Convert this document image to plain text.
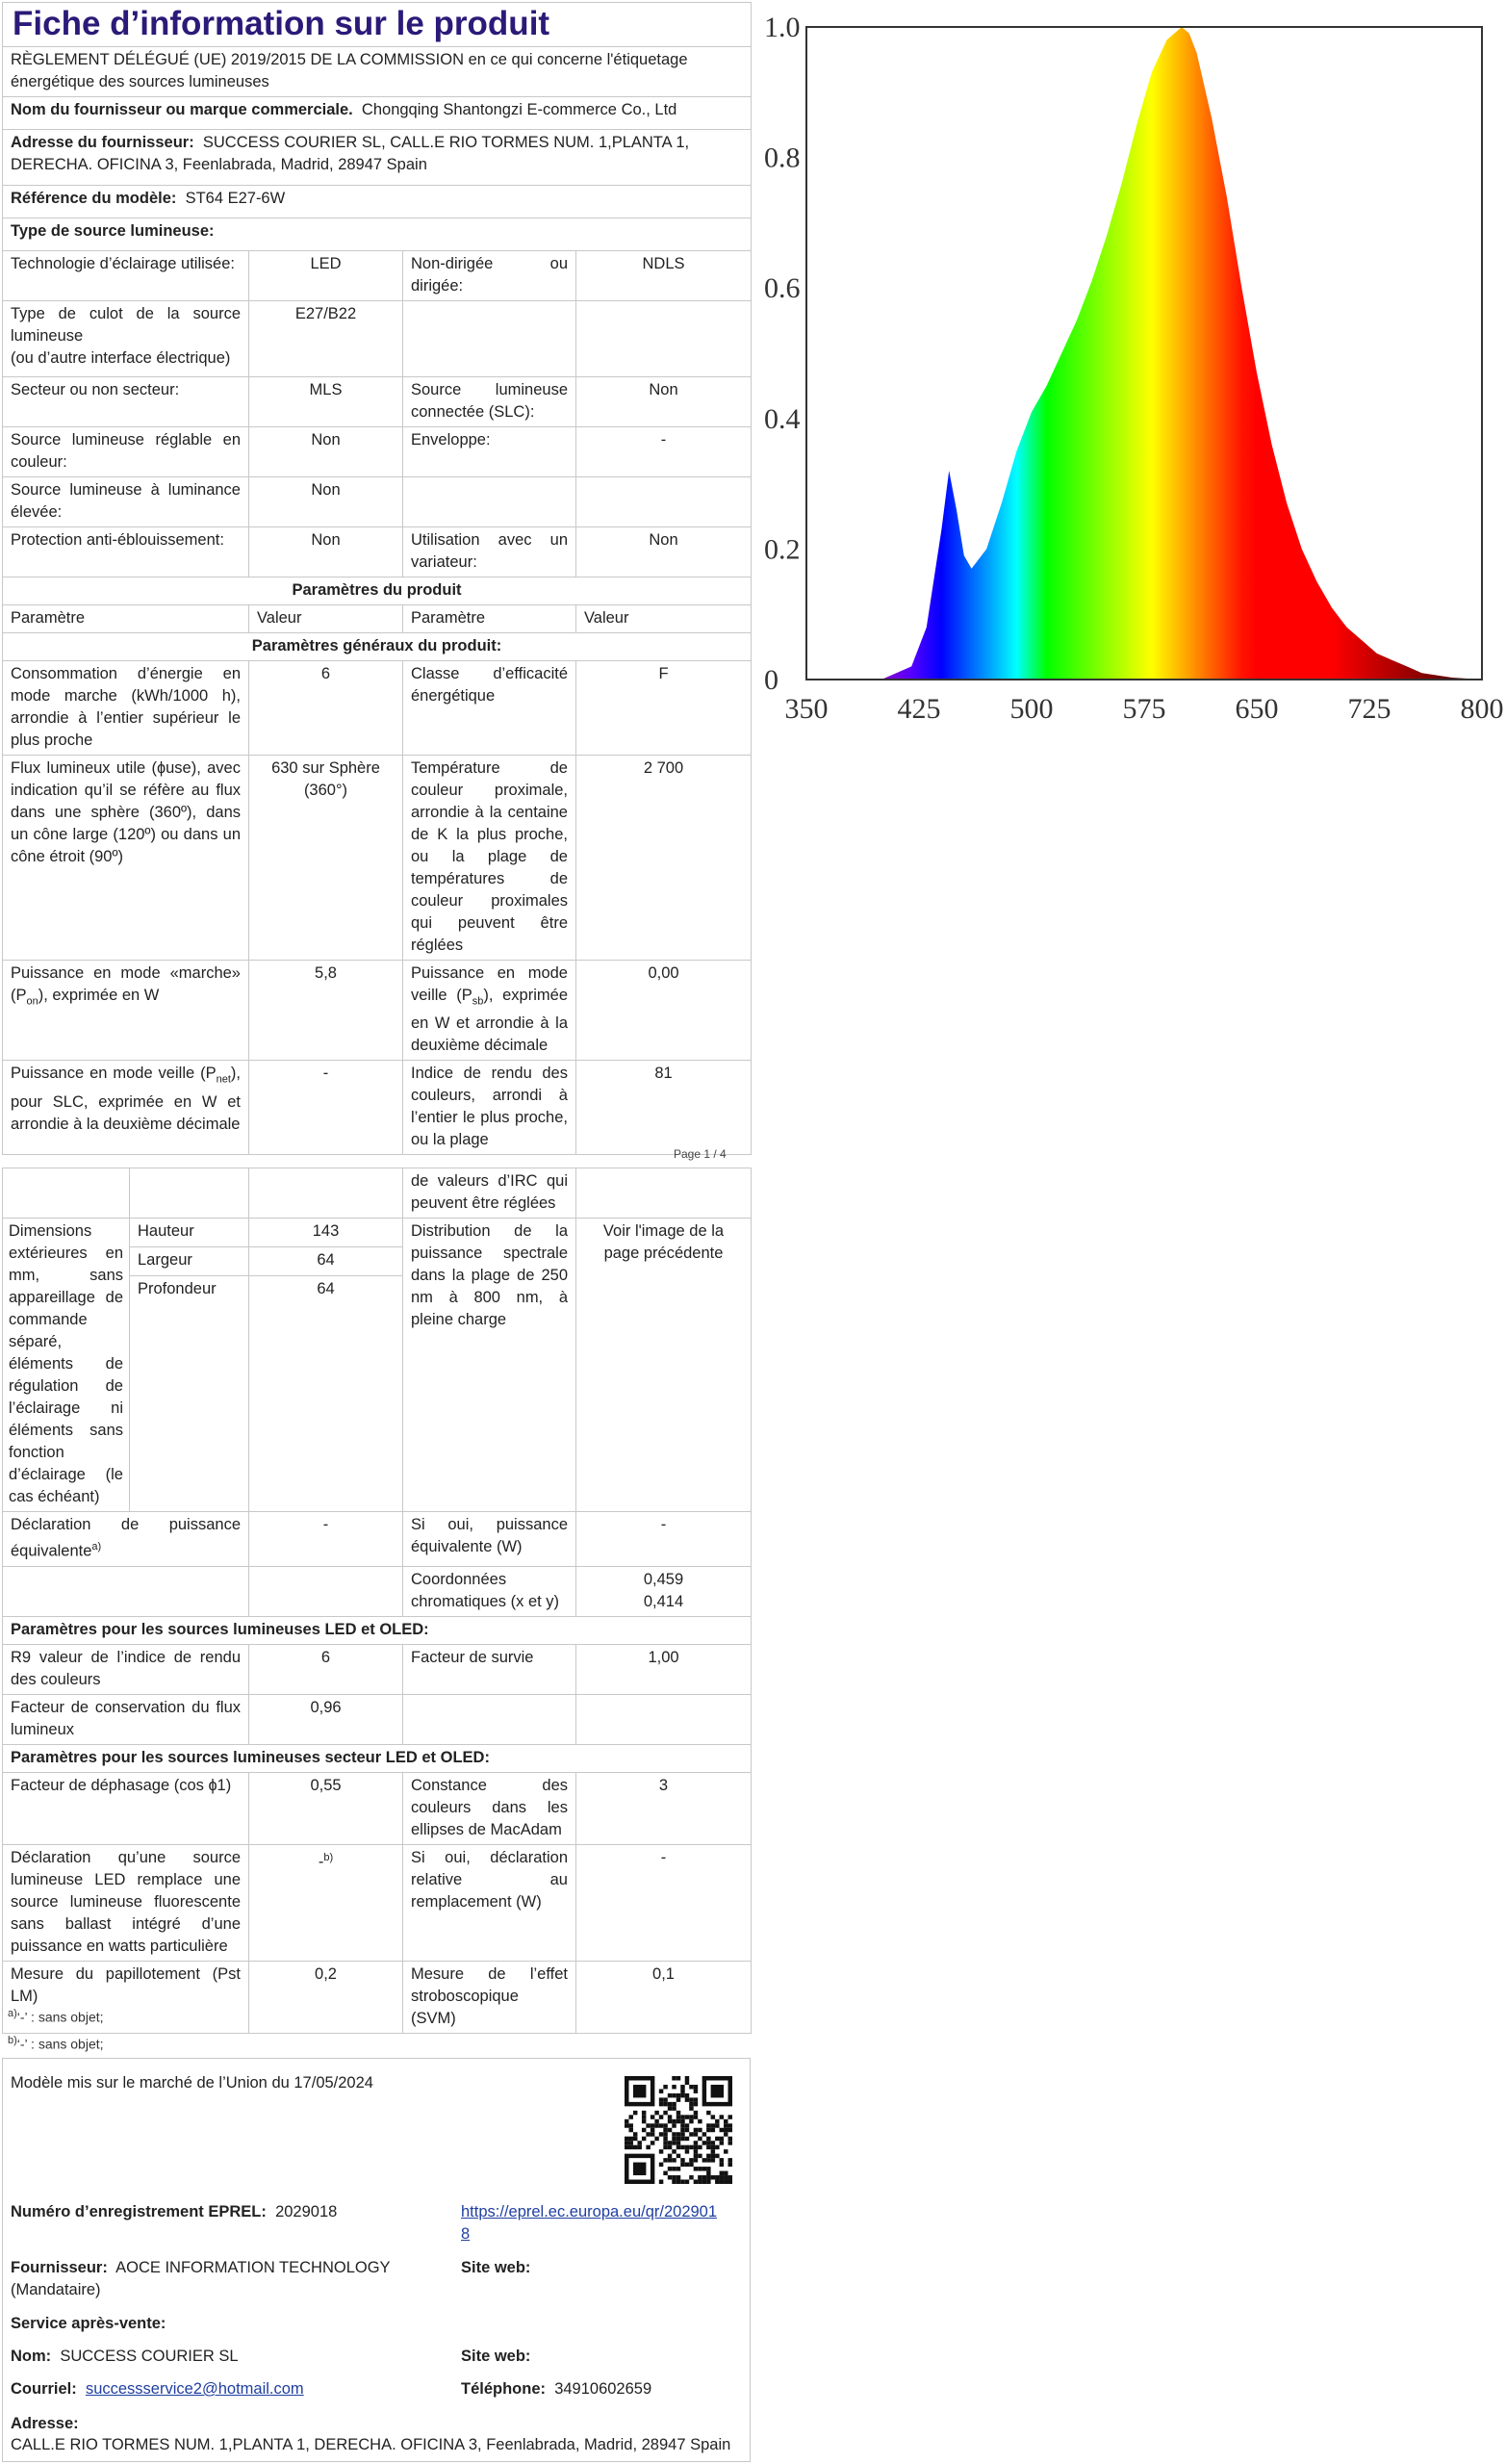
Fiche d’information sur le produit			
RÈGLEMENT DÉLÉGUÉ (UE) 2019/2015 DE LA COMMISSION en ce qui concerne l'étiquetage énergétique des sources lumineuses			
Nom du fournisseur ou marque commerciale. Chongqing Shantongzi E-commerce Co., Ltd			
Adresse du fournisseur: SUCCESS COURIER SL, CALL.E RIO TORMES NUM. 1,PLANTA 1, DERECHA. OFICINA 3, Feenlabrada, Madrid, 28947 Spain			
Référence du modèle: ST64 E27-6W			
Type de source lumineuse:			
Technologie d’éclairage utilisée:	LED	Non-dirigée ou dirigée:	NDLS

Type de culot de la source lumineuse
(ou d’autre interface électrique)	E27/B22		
Secteur ou non secteur:	MLS	Source lumineuse connectée (SLC):	Non
Source lumineuse réglable en couleur:	Non	Enveloppe:	-
Source lumineuse à luminance élevée:	Non		
Protection anti-éblouissement:	Non	Utilisation avec un variateur:	Non
Paramètres du produit			
Paramètre	Valeur	Paramètre	Valeur
Paramètres généraux du produit:			
Consommation d’énergie en mode marche (kWh/1000 h), arrondie à l’entier supérieur le plus proche	6	Classe d’efficacité énergétique	F
Flux lumineux utile (ɸuse), avec indication qu’il se réfère au flux dans une sphère (360º), dans un cône large (120º) ou dans un cône étroit (90º)	630 sur Sphère (360°)	Température de couleur proximale, arrondie à la centaine de K la plus proche, ou la plage de températures de couleur proximales qui peuvent être réglées	2 700
Puissance en mode «marche» $(P_{on})$, exprimée en W	5,8	Puissance en mode veille $(P_{sb})$, exprimée en W et arrondie à la deuxième décimale	0,00
Puissance en mode veille $(P_{net})$, pour SLC, exprimée en W et arrondie à la deuxième décimale	-	Indice de rendu des couleurs, arrondi à l’entier le plus proche, ou la plage	81
Page 1 / 4
			de valeurs d’IRC qui peuvent être réglées	
Dimensions extérieures en mm, sans appareillage de commande séparé, éléments de régulation de l’éclairage ni éléments sans fonction d’éclairage (le cas échéant)	Hauteur	143	Distribution de la puissance spectrale dans la plage de 250 nm à 800 nm, à pleine charge	Voir l'image de la page précédente
	Largeur	64		
	Profondeur	64		
Déclaration de puissance équivalente$^{a)}$	-	Si oui, puissance équivalente (W)	-
		Coordonnées chromatiques (x et y)	0,459
0,414

Paramètres pour les sources lumineuses LED et OLED:			
R9 valeur de l’indice de rendu des couleurs	6	Facteur de survie	1,00
Facteur de conservation du flux lumineux	0,96		
Paramètres pour les sources lumineuses secteur LED et OLED:			
Facteur de déphasage (cos ɸ1)	0,55	Constance des couleurs dans les ellipses de MacAdam	3
Déclaration qu’une source lumineuse LED remplace une source lumineuse fluorescente sans ballast intégré d’une puissance en watts particulière	-$^{b)}$	Si oui, déclaration relative au remplacement (W)	-
Mesure du papillotement (Pst LM)	0,2	Mesure de l’effet stroboscopique (SVM)	0,1
$^{a)}$‘-’ : sans objet;
$^{b)}$‘-’ : sans objet;
Modèle mis sur le marché de l’Union du 17/05/2024
Numéro d’enregistrement EPREL: 2029018	https://eprel.ec.europa.eu/qr/2029018
Fournisseur: AOCE INFORMATION TECHNOLOGY (Mandataire)
Site web:
Service après-vente:
Nom: SUCCESS COURIER SL	Site web:
Courriel: successservice2@hotmail.com	Téléphone: 34910602659
Adresse:
CALL.E RIO TORMES NUM. 1,PLANTA 1, DERECHA. OFICINA 3, Feenlabrada, Madrid, 28947 Spain
350 425 500 575 650 725 800
0
0.2
0.4
0.6
0.8
1.0
